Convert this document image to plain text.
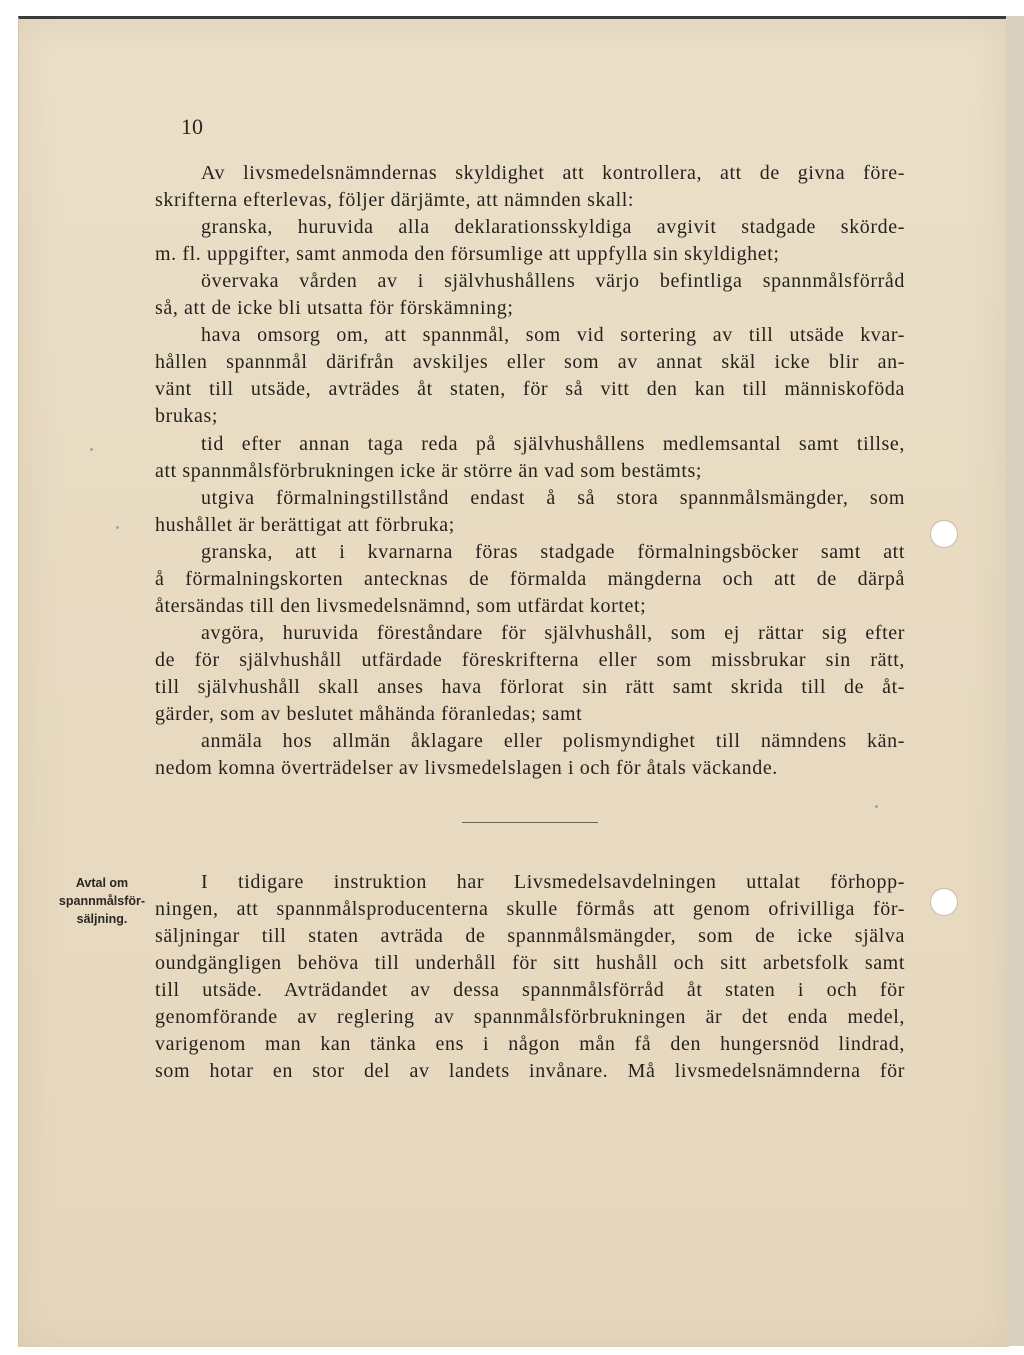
10
Av livsmedelsnämndernas skyldighet att kontrollera, att de givna före-
skrifterna efterlevas, följer därjämte, att nämnden skall:
granska, huruvida alla deklarationsskyldiga avgivit stadgade skörde-
m. fl. uppgifter, samt anmoda den försumlige att uppfylla sin skyldighet;
övervaka vården av i självhushållens värjo befintliga spannmålsförråd
så, att de icke bli utsatta för förskämning;
hava omsorg om, att spannmål, som vid sortering av till utsäde kvar-
hållen spannmål därifrån avskiljes eller som av annat skäl icke blir an-
vänt till utsäde, avträdes åt staten, för så vitt den kan till människoföda
brukas;
tid efter annan taga reda på självhushållens medlemsantal samt tillse,
att spannmålsförbrukningen icke är större än vad som bestämts;
utgiva förmalningstillstånd endast å så stora spannmålsmängder, som
hushållet är berättigat att förbruka;
granska, att i kvarnarna föras stadgade förmalningsböcker samt att
å förmalningskorten antecknas de förmalda mängderna och att de därpå
återsändas till den livsmedelsnämnd, som utfärdat kortet;
avgöra, huruvida föreståndare för självhushåll, som ej rättar sig efter
de för självhushåll utfärdade föreskrifterna eller som missbrukar sin rätt,
till självhushåll skall anses hava förlorat sin rätt samt skrida till de åt-
gärder, som av beslutet måhända föranledas; samt
anmäla hos allmän åklagare eller polismyndighet till nämndens kän-
nedom komna överträdelser av livsmedelslagen i och för åtals väckande.
Avtal om
spannmålsför-
säljning.
I tidigare instruktion har Livsmedelsavdelningen uttalat förhopp-
ningen, att spannmålsproducenterna skulle förmås att genom ofrivilliga för-
säljningar till staten avträda de spannmålsmängder, som de icke själva
oundgängligen behöva till underhåll för sitt hushåll och sitt arbetsfolk samt
till utsäde. Avträdandet av dessa spannmålsförråd åt staten i och för
genomförande av reglering av spannmålsförbrukningen är det enda medel,
varigenom man kan tänka ens i någon mån få den hungersnöd lindrad,
som hotar en stor del av landets invånare. Må livsmedelsnämnderna för
